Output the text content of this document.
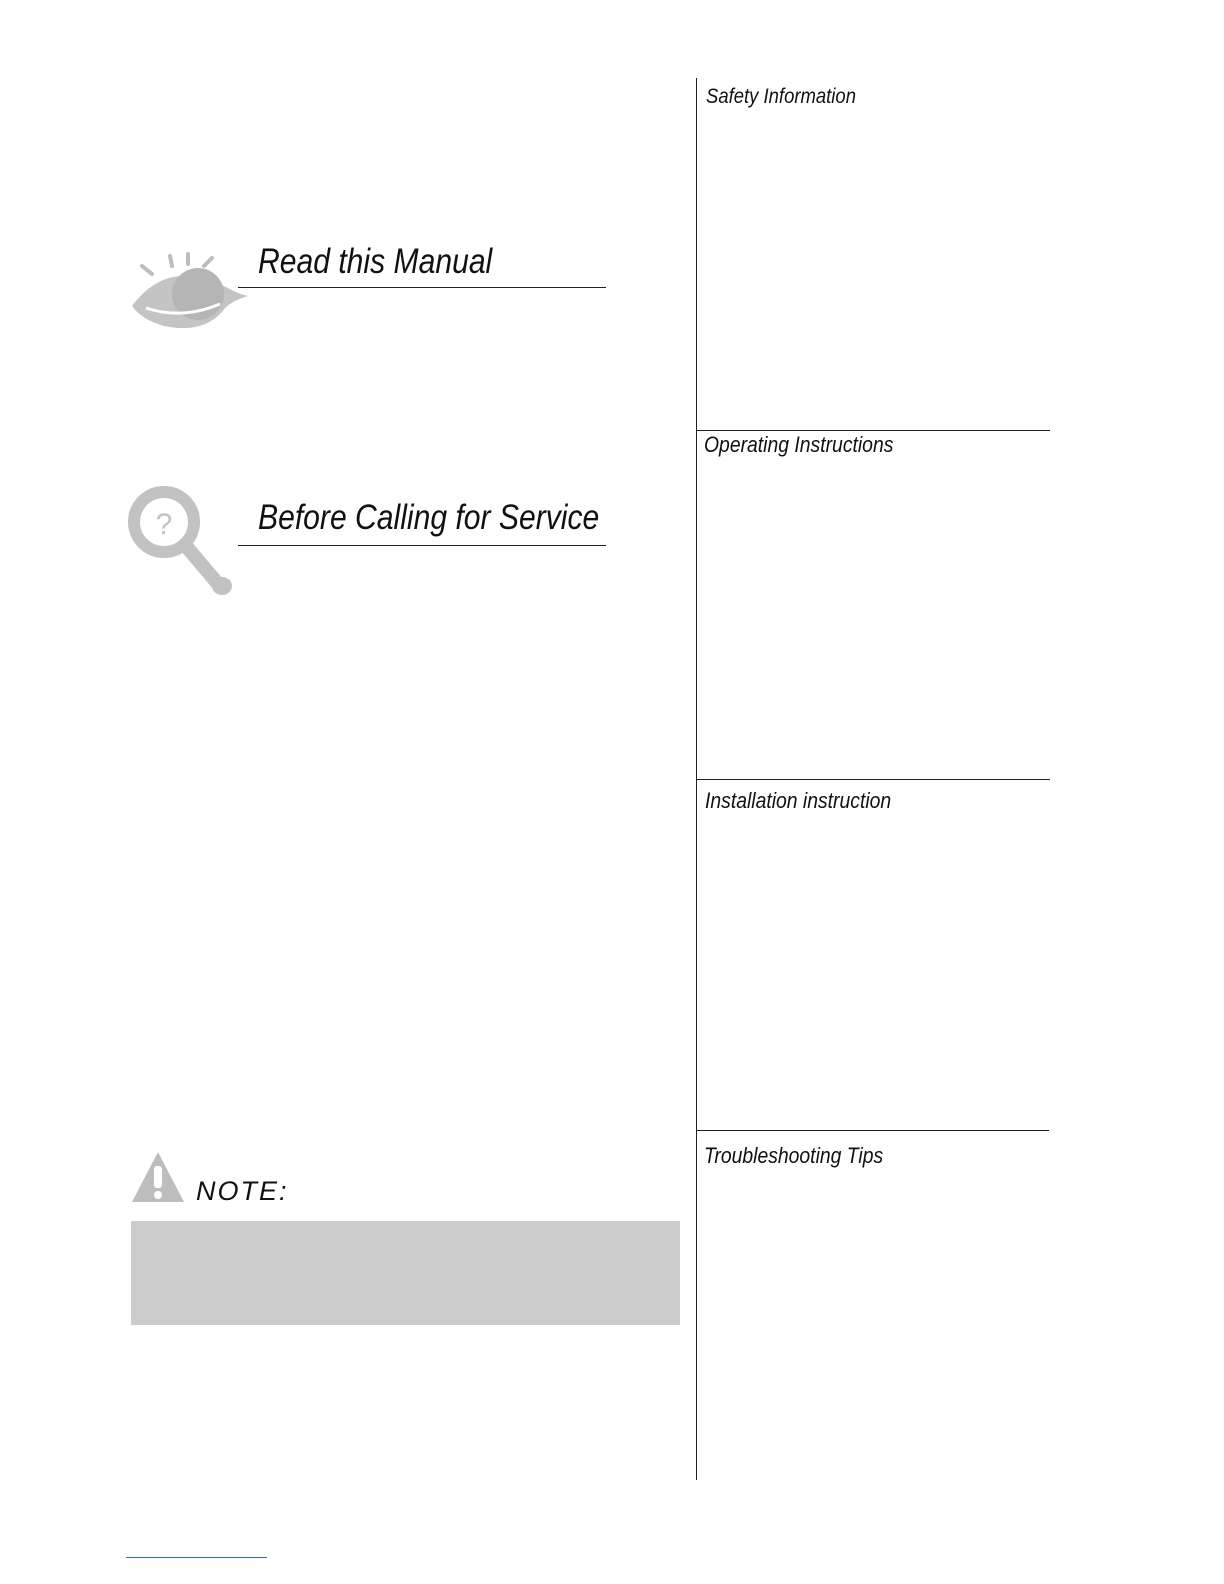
Read this Manual
? Before Calling for Service
NOTE:
Safety Information
Operating Instructions
Installation instruction
Troubleshooting Tips
